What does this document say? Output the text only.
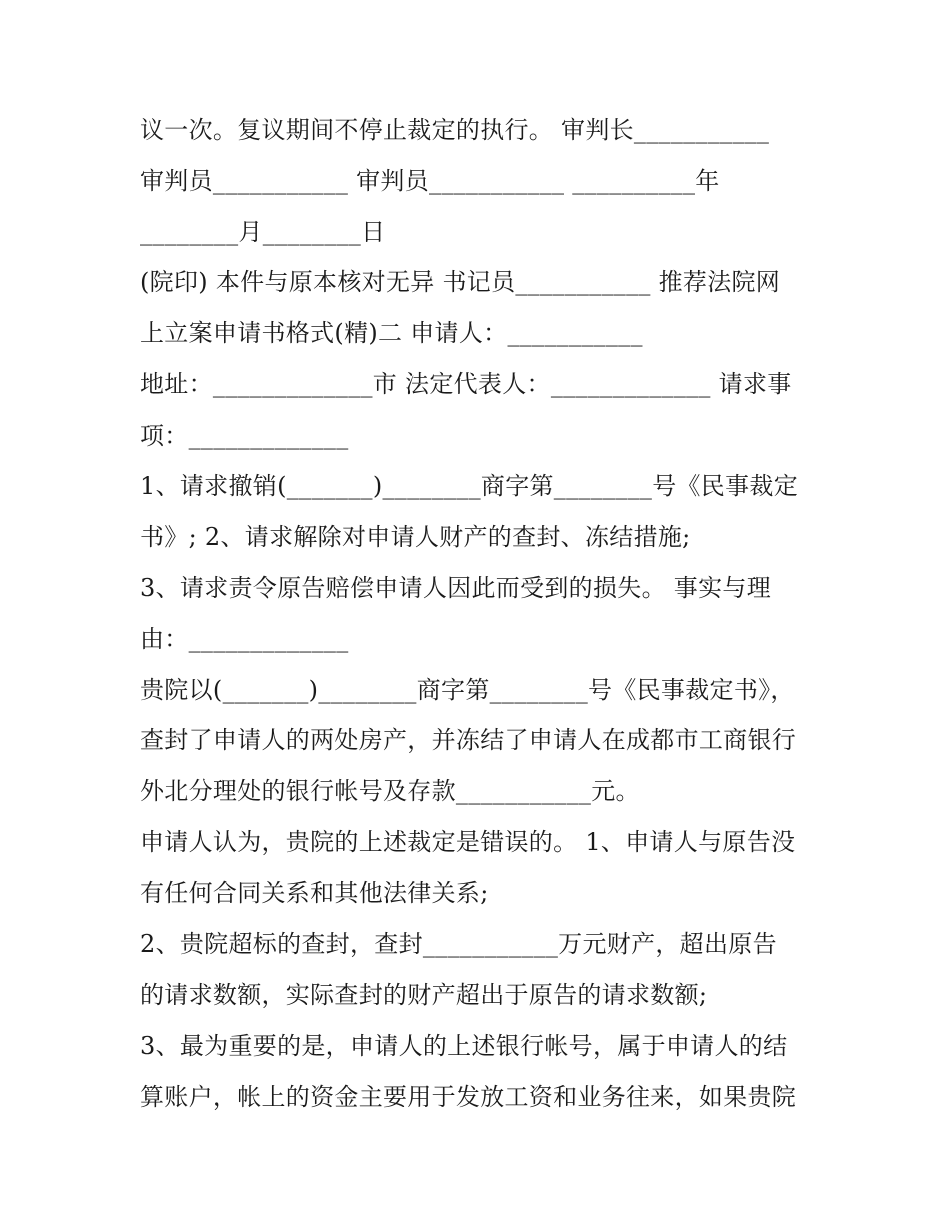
议一次。复议期间不停止裁定的执行。 审判长___________

审判员___________ 审判员___________ __________年

________月________日

(院印) 本件与原本核对无异 书记员___________ 推荐法院网

上立案申请书格式(精)二 申请人：___________

地址：_____________市 法定代表人：_____________ 请求事

项：_____________

1、请求撤销(_______)________商字第________号《民事裁定

书》; 2、请求解除对申请人财产的查封、冻结措施;

3、请求责令原告赔偿申请人因此而受到的损失。 事实与理

由：_____________

贵院以(_______)________商字第________号《民事裁定书》，

查封了申请人的两处房产，并冻结了申请人在成都市工商银行

外北分理处的银行帐号及存款___________元。

申请人认为，贵院的上述裁定是错误的。 1、申请人与原告没

有任何合同关系和其他法律关系;

2、贵院超标的查封，查封___________万元财产，超出原告

的请求数额，实际查封的财产超出于原告的请求数额;

3、最为重要的是，申请人的上述银行帐号，属于申请人的结

算账户，帐上的资金主要用于发放工资和业务往来，如果贵院
